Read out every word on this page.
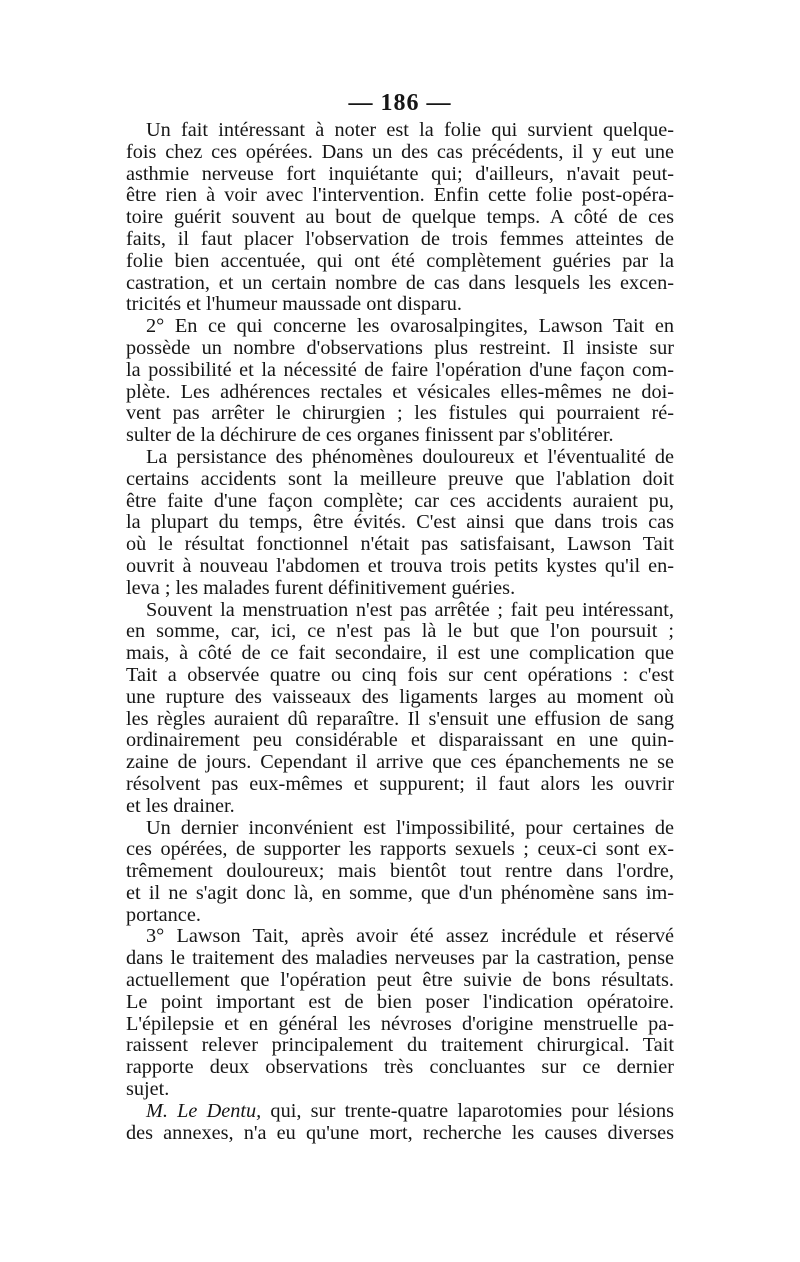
— 186 —
Un fait intéressant à noter est la folie qui survient quelque-
fois chez ces opérées. Dans un des cas précédents, il y eut une
asthmie nerveuse fort inquiétante qui; d'ailleurs, n'avait peut-
être rien à voir avec l'intervention. Enfin cette folie post-opéra-
toire guérit souvent au bout de quelque temps. A côté de ces
faits, il faut placer l'observation de trois femmes atteintes de
folie bien accentuée, qui ont été complètement guéries par la
castration, et un certain nombre de cas dans lesquels les excen-
tricités et l'humeur maussade ont disparu.
2° En ce qui concerne les ovarosalpingites, Lawson Tait en
possède un nombre d'observations plus restreint. Il insiste sur
la possibilité et la nécessité de faire l'opération d'une façon com-
plète. Les adhérences rectales et vésicales elles-mêmes ne doi-
vent pas arrêter le chirurgien ; les fistules qui pourraient ré-
sulter de la déchirure de ces organes finissent par s'oblitérer.
La persistance des phénomènes douloureux et l'éventualité de
certains accidents sont la meilleure preuve que l'ablation doit
être faite d'une façon complète; car ces accidents auraient pu,
la plupart du temps, être évités. C'est ainsi que dans trois cas
où le résultat fonctionnel n'était pas satisfaisant, Lawson Tait
ouvrit à nouveau l'abdomen et trouva trois petits kystes qu'il en-
leva ; les malades furent définitivement guéries.
Souvent la menstruation n'est pas arrêtée ; fait peu intéressant,
en somme, car, ici, ce n'est pas là le but que l'on poursuit ;
mais, à côté de ce fait secondaire, il est une complication que
Tait a observée quatre ou cinq fois sur cent opérations : c'est
une rupture des vaisseaux des ligaments larges au moment où
les règles auraient dû reparaître. Il s'ensuit une effusion de sang
ordinairement peu considérable et disparaissant en une quin-
zaine de jours. Cependant il arrive que ces épanchements ne se
résolvent pas eux-mêmes et suppurent; il faut alors les ouvrir
et les drainer.
Un dernier inconvénient est l'impossibilité, pour certaines de
ces opérées, de supporter les rapports sexuels ; ceux-ci sont ex-
trêmement douloureux; mais bientôt tout rentre dans l'ordre,
et il ne s'agit donc là, en somme, que d'un phénomène sans im-
portance.
3° Lawson Tait, après avoir été assez incrédule et réservé
dans le traitement des maladies nerveuses par la castration, pense
actuellement que l'opération peut être suivie de bons résultats.
Le point important est de bien poser l'indication opératoire.
L'épilepsie et en général les névroses d'origine menstruelle pa-
raissent relever principalement du traitement chirurgical. Tait
rapporte deux observations très concluantes sur ce dernier
sujet.
M. Le Dentu, qui, sur trente-quatre laparotomies pour lésions
des annexes, n'a eu qu'une mort, recherche les causes diverses
